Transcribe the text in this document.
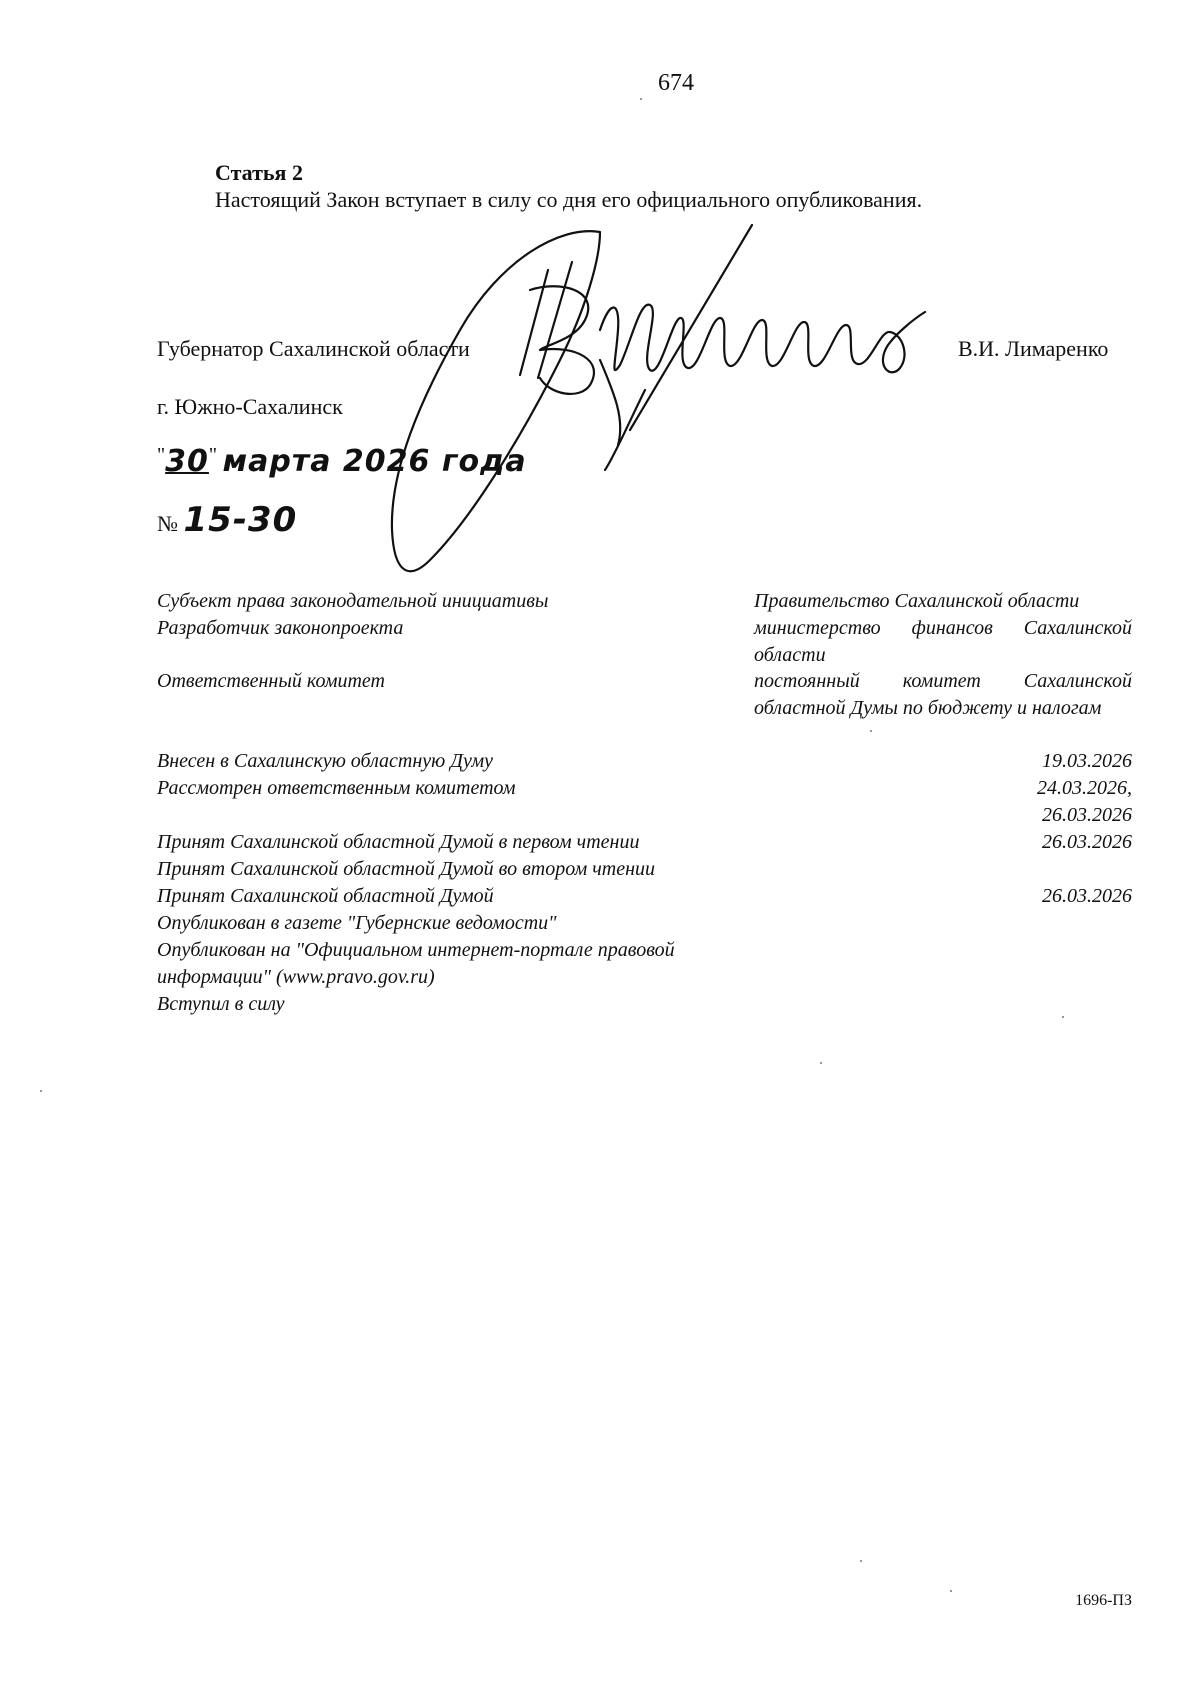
674
Статья 2
Настоящий Закон вступает в силу со дня его официального опубликования.
Губернатор Сахалинской области	В.И. Лимаренко
г. Южно-Сахалинск
"30" марта 2026 года
№ 15-30
Субъект права законодательной инициативы	Правительство Сахалинской области
Разработчик законопроекта	министерство финансов Сахалинской области
Ответственный комитет	постоянный комитет Сахалинской областной Думы по бюджету и налогам
Внесен в Сахалинскую областную Думу	19.03.2026
Рассмотрен ответственным комитетом	24.03.2026,
26.03.2026
Принят Сахалинской областной Думой в первом чтении	26.03.2026
Принят Сахалинской областной Думой во втором чтении
Принят Сахалинской областной Думой	26.03.2026
Опубликован в газете "Губернские ведомости"
Опубликован на "Официальном интернет-портале правовой информации" (www.pravo.gov.ru)
Вступил в силу
1696-ПЗ
